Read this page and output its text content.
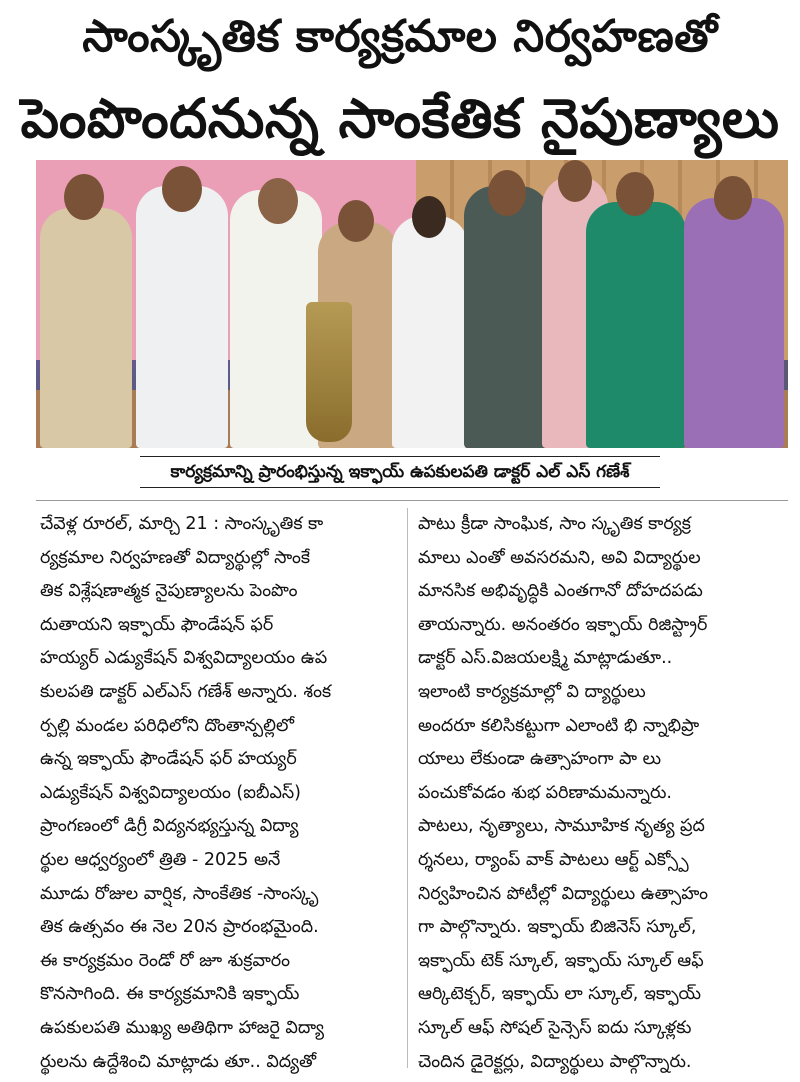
సాంస్కృతిక కార్యక్రమాల నిర్వహణతో
పెంపొందనున్న సాంకేతిక నైపుణ్యాలు
కార్యక్రమాన్ని ప్రారంభిస్తున్న ఇక్ఫాయ్ ఉపకులపతి డాక్టర్ ఎల్ ఎస్ గణేశ్
చేవెళ్ల రూరల్, మార్చి 21 : సాంస్కృతిక కా
ర్యక్రమాల నిర్వహణతో విద్యార్థుల్లో సాంకే
తిక విశ్లేషణాత్మక నైపుణ్యాలను పెంపొం
దుతాయని ఇక్ఫాయ్ ఫౌండేషన్ ఫర్
హయ్యర్ ఎడ్యుకేషన్ విశ్వవిద్యాలయం ఉప
కులపతి డాక్టర్ ఎల్ఎస్ గణేశ్ అన్నారు. శంక
ర్పల్లి మండల పరిధిలోని దొంతాన్పల్లిలో
ఉన్న ఇక్ఫాయ్ ఫౌండేషన్ ఫర్ హయ్యర్
ఎడ్యుకేషన్ విశ్వవిద్యాలయం (ఐబీఎస్)
ప్రాంగణంలో డిగ్రీ విద్యనభ్యస్తున్న విద్యా
ర్థుల ఆధ్వర్యంలో త్రితి - 2025 అనే
మూడు రోజుల వార్షిక, సాంకేతిక -సాంస్కృ
తిక ఉత్సవం ఈ నెల 20న ప్రారంభమైంది.
ఈ కార్యక్రమం రెండో రో జూ శుక్రవారం
కొనసాగింది. ఈ కార్యక్రమానికి ఇక్ఫాయ్
ఉపకులపతి ముఖ్య అతిథిగా హాజరై విద్యా
ర్థులను ఉద్దేశించి మాట్లాడు తూ.. విద్యతో
పాటు క్రీడా సాంఘిక, సాం స్కృతిక కార్యక్ర
మాలు ఎంతో అవసరమని, అవి విద్యార్థుల
మానసిక అభివృద్ధికి ఎంతగానో దోహదపడు
తాయన్నారు. అనంతరం ఇక్ఫాయ్ రిజిస్ట్రార్
డాక్టర్ ఎస్.విజయలక్ష్మి మాట్లాడుతూ..
ఇలాంటి కార్యక్రమాల్లో వి ద్యార్థులు
అందరూ కలిసికట్టుగా ఎలాంటి భి న్నాభిప్రా
యాలు లేకుండా ఉత్సాహంగా పా లు
పంచుకోవడం శుభ పరిణామమన్నారు.
పాటలు, నృత్యాలు, సామూహిక నృత్య ప్రద
ర్శనలు, ర్యాంప్ వాక్ పాటలు ఆర్ట్ ఎక్స్పో
నిర్వహించిన పోటీల్లో విద్యార్థులు ఉత్సాహం
గా పాల్గొన్నారు. ఇక్ఫాయ్ బిజినెస్ స్కూల్,
ఇక్ఫాయ్ టెక్ స్కూల్, ఇక్ఫాయ్ స్కూల్ ఆఫ్
ఆర్కిటెక్చర్, ఇక్ఫాయ్ లా స్కూల్, ఇక్ఫాయ్
స్కూల్ ఆఫ్ సోషల్ సైన్సెస్ ఐదు స్కూళ్లకు
చెందిన డైరెక్టర్లు, విద్యార్థులు పాల్గొన్నారు.
